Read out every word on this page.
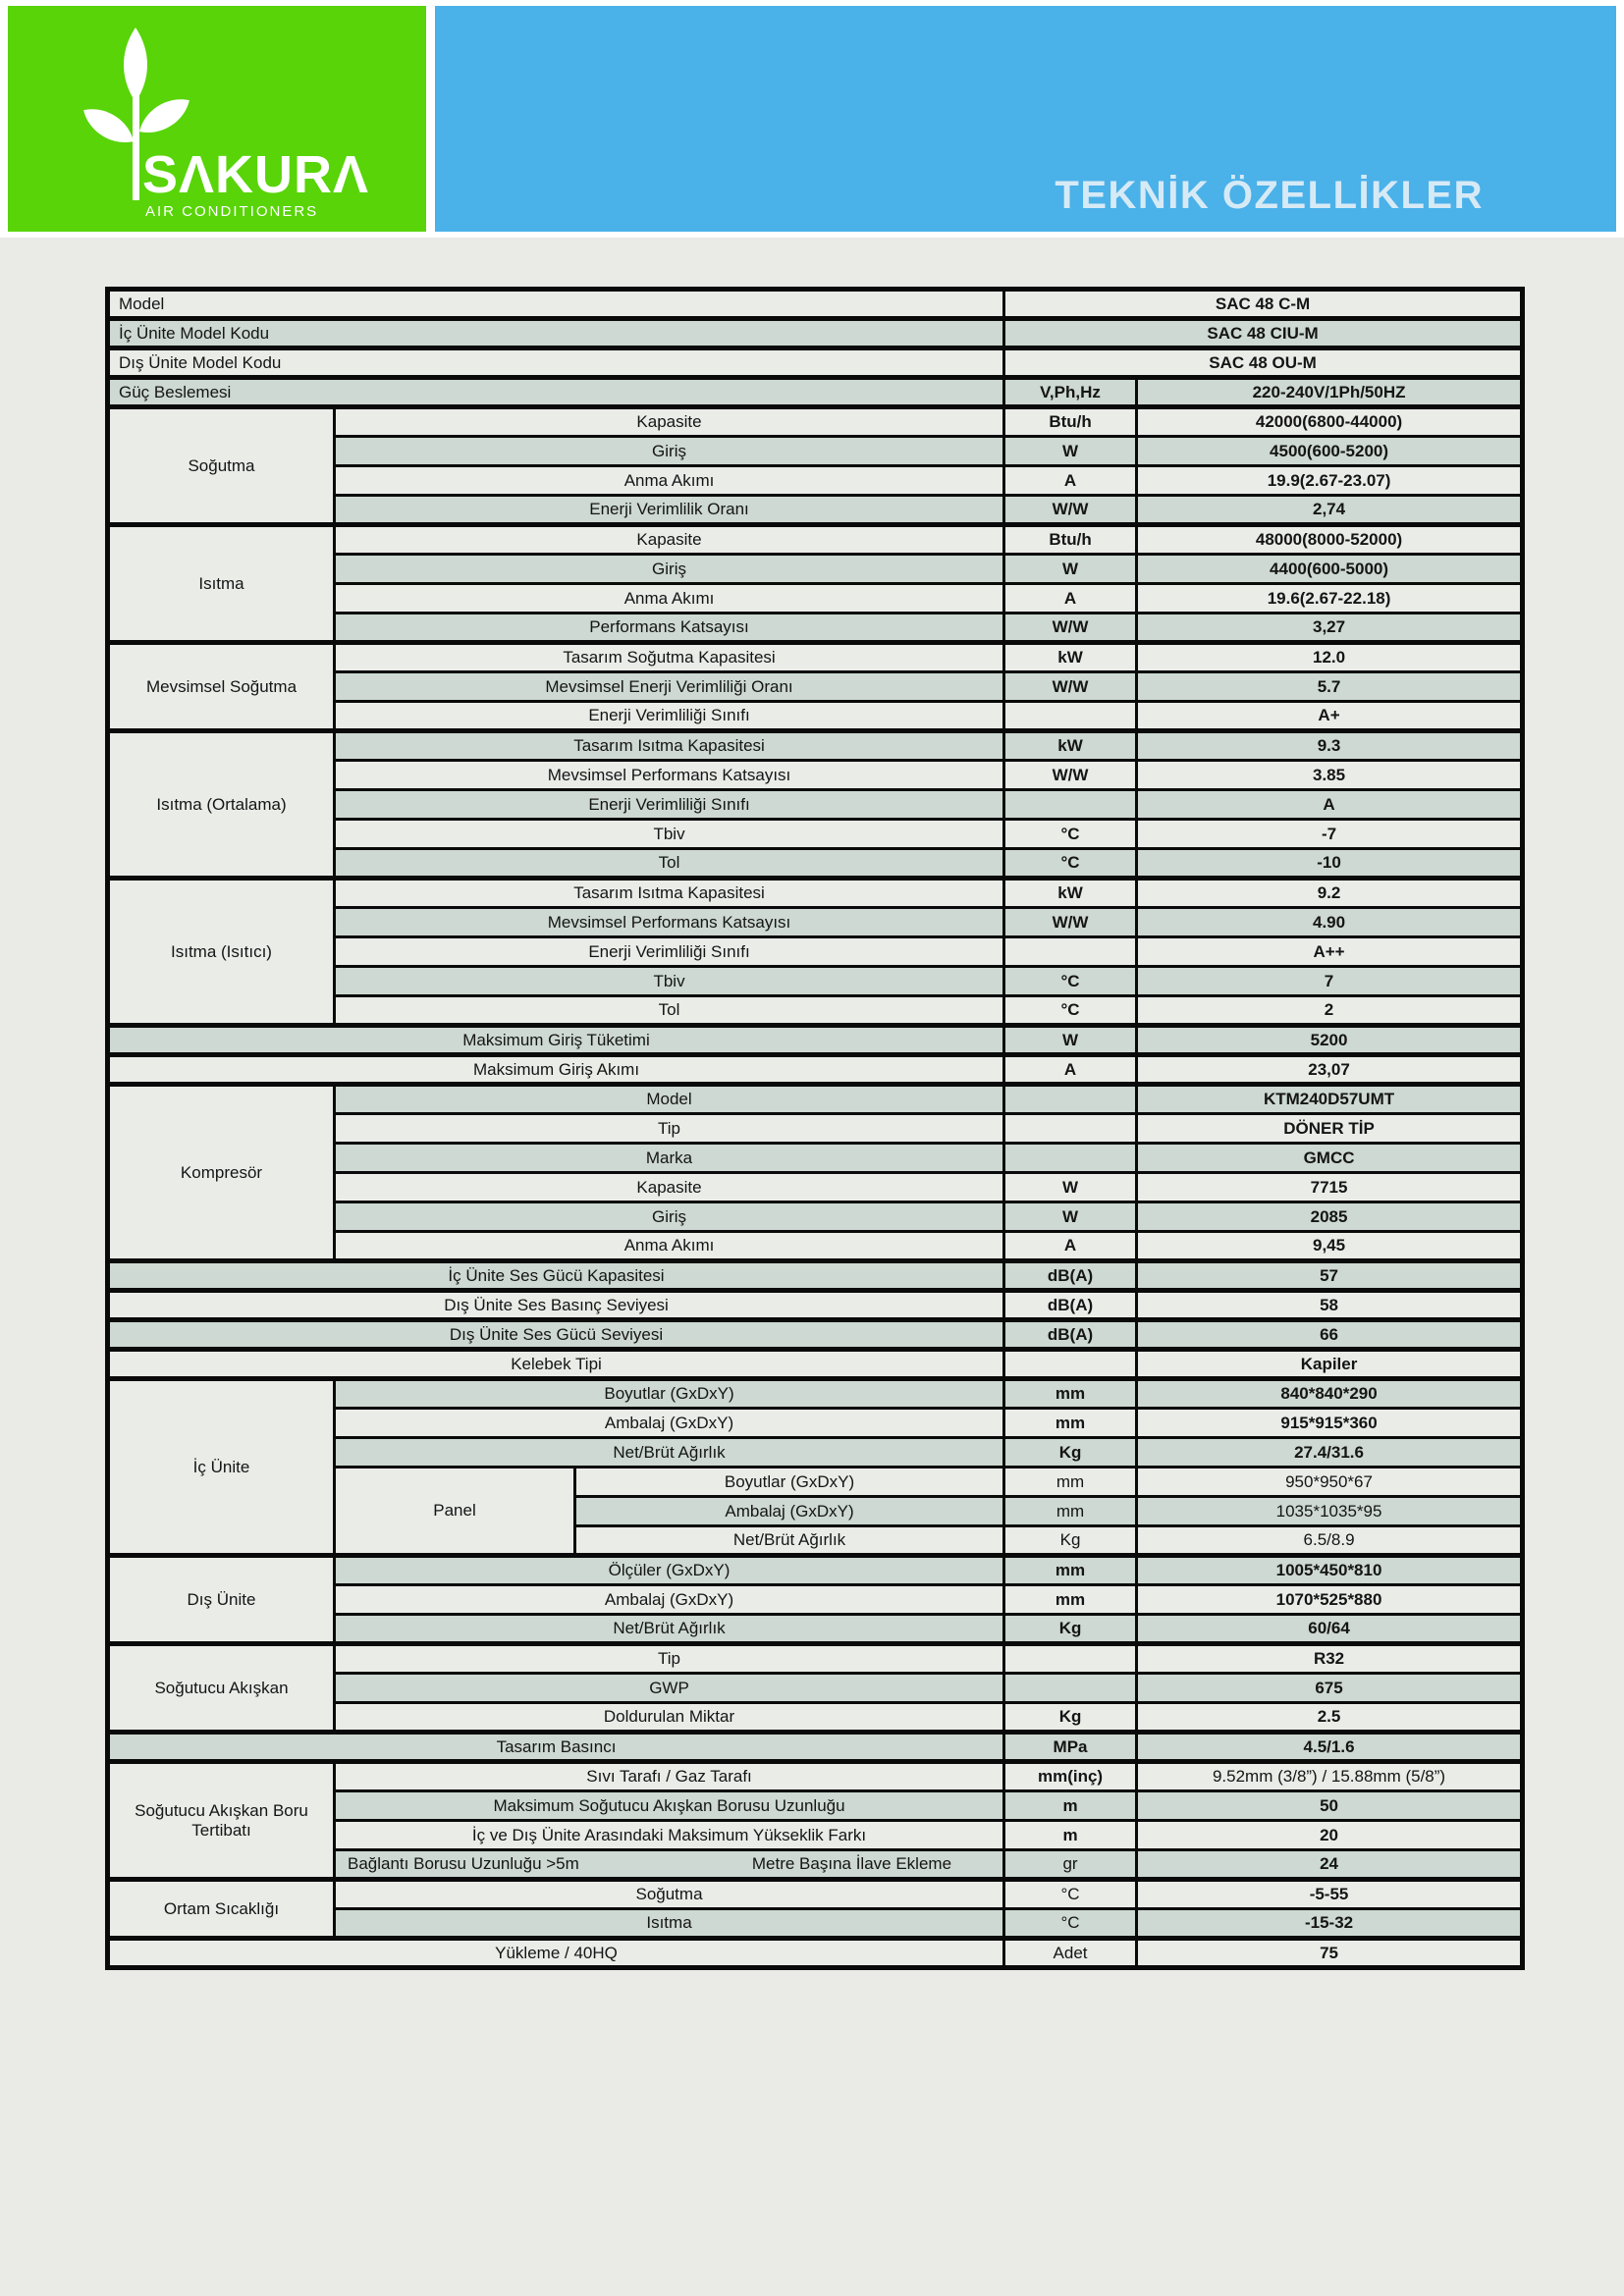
SΛKURΛ
AIR CONDITIONERS	TEKNİK ÖZELLİKLER
Model			SAC 48 C-M	
İç Ünite Model Kodu			SAC 48 CIU-M	
Dış Ünite Model Kodu			SAC 48 OU-M	
Güç Beslemesi			V,Ph,Hz	220-240V/1Ph/50HZ
Soğutma	Kapasite		Btu/h	42000(6800-44000)
	Giriş		W	4500(600-5200)
	Anma Akımı		A	19.9(2.67-23.07)
	Enerji Verimlilik Oranı		W/W	2,74
Isıtma	Kapasite		Btu/h	48000(8000-52000)
	Giriş		W	4400(600-5000)
	Anma Akımı		A	19.6(2.67-22.18)
	Performans Katsayısı		W/W	3,27
Mevsimsel Soğutma	Tasarım Soğutma Kapasitesi		kW	12.0
	Mevsimsel Enerji Verimliliği Oranı		W/W	5.7
	Enerji Verimliliği Sınıfı			A+
Isıtma (Ortalama)	Tasarım Isıtma Kapasitesi		kW	9.3
	Mevsimsel Performans Katsayısı		W/W	3.85
	Enerji Verimliliği Sınıfı			A
	Tbiv		°C	-7
	Tol		°C	-10
Isıtma (Isıtıcı)	Tasarım Isıtma Kapasitesi		kW	9.2
	Mevsimsel Performans Katsayısı		W/W	4.90
	Enerji Verimliliği Sınıfı			A++
	Tbiv		°C	7
	Tol		°C	2
Maksimum Giriş Tüketimi			W	5200
Maksimum Giriş Akımı			A	23,07
Kompresör	Model			KTM240D57UMT
	Tip			DÖNER TİP
	Marka			GMCC
	Kapasite		W	7715
	Giriş		W	2085
	Anma Akımı		A	9,45
İç Ünite Ses Gücü Kapasitesi			dB(A)	57
Dış Ünite Ses Basınç Seviyesi			dB(A)	58
Dış Ünite Ses Gücü Seviyesi			dB(A)	66
Kelebek Tipi				Kapiler
İç Ünite	Boyutlar (GxDxY)		mm	840*840*290
	Ambalaj (GxDxY)		mm	915*915*360
	Net/Brüt Ağırlık		Kg	27.4/31.6
	Panel	Boyutlar (GxDxY)	mm	950*950*67
		Ambalaj (GxDxY)	mm	1035*1035*95
		Net/Brüt Ağırlık	Kg	6.5/8.9
Dış Ünite	Ölçüler (GxDxY)		mm	1005*450*810
	Ambalaj (GxDxY)		mm	1070*525*880
	Net/Brüt Ağırlık		Kg	60/64
Soğutucu Akışkan	Tip			R32
	GWP			675
	Doldurulan Miktar		Kg	2.5
Tasarım Basıncı			MPa	4.5/1.6
Soğutucu Akışkan Boru Tertibatı	Sıvı Tarafı / Gaz Tarafı		mm(inç)	9.52mm (3/8”) / 15.88mm (5/8”)
	Maksimum Soğutucu Akışkan Borusu Uzunluğu		m	50
	İç ve Dış Ünite Arasındaki Maksimum Yükseklik Farkı		m	20

	Bağlantı Borusu Uzunluğu >5m Metre Başına İlave Ekleme		gr	24
Ortam Sıcaklığı	Soğutma		°C	-5-55
	Isıtma		°C	-15-32
Yükleme / 40HQ			Adet	75
